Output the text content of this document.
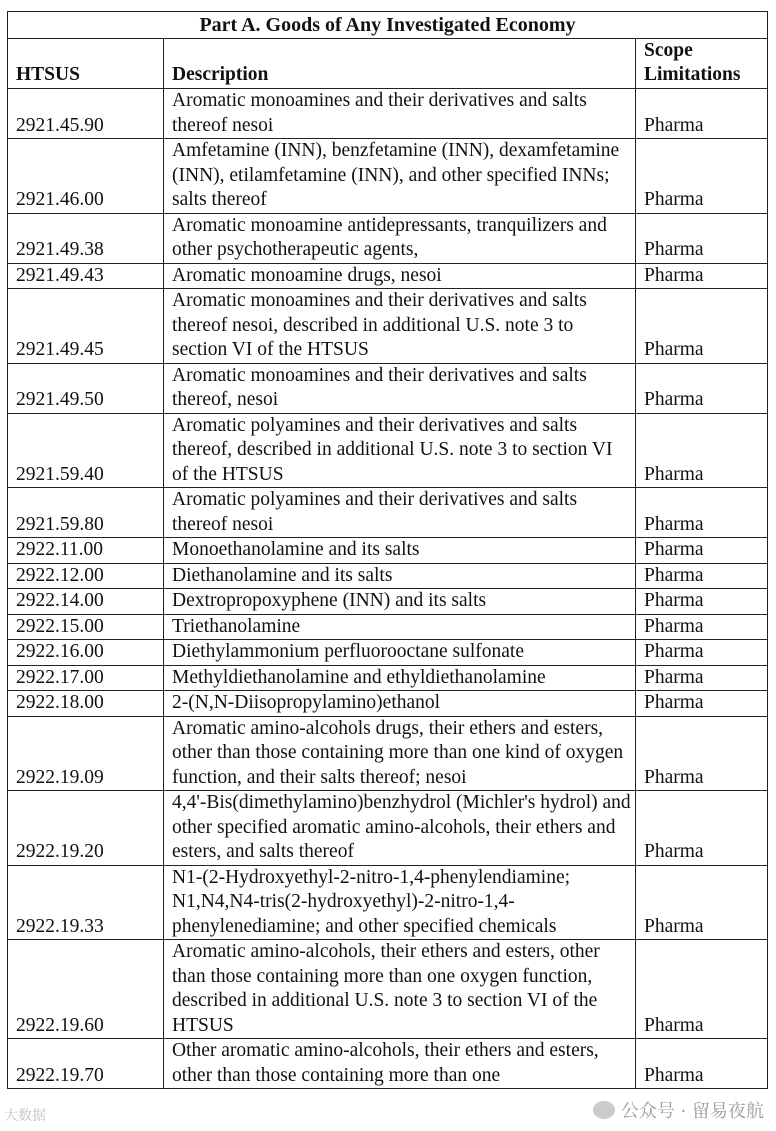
Part A. Goods of Any Investigated Economy		
HTSUS	Description	Scope Limitations
2921.45.90	Aromatic monoamines and their derivatives and salts thereof nesoi	Pharma
2921.46.00	Amfetamine (INN), benzfetamine (INN), dexamfetamine (INN), etilamfetamine (INN), and other specified INNs; salts thereof	Pharma
2921.49.38	Aromatic monoamine antidepressants, tranquilizers and other psychotherapeutic agents,	Pharma
2921.49.43	Aromatic monoamine drugs, nesoi	Pharma
2921.49.45	Aromatic monoamines and their derivatives and salts thereof nesoi, described in additional U.S. note 3 to section VI of the HTSUS	Pharma
2921.49.50	Aromatic monoamines and their derivatives and salts thereof, nesoi	Pharma
2921.59.40	Aromatic polyamines and their derivatives and salts thereof, described in additional U.S. note 3 to section VI of the HTSUS	Pharma
2921.59.80	Aromatic polyamines and their derivatives and salts thereof nesoi	Pharma
2922.11.00	Monoethanolamine and its salts	Pharma
2922.12.00	Diethanolamine and its salts	Pharma
2922.14.00	Dextropropoxyphene (INN) and its salts	Pharma
2922.15.00	Triethanolamine	Pharma
2922.16.00	Diethylammonium perfluorooctane sulfonate	Pharma
2922.17.00	Methyldiethanolamine and ethyldiethanolamine	Pharma
2922.18.00	2-(N,N-Diisopropylamino)ethanol	Pharma
2922.19.09	Aromatic amino-alcohols drugs, their ethers and esters, other than those containing more than one kind of oxygen function, and their salts thereof; nesoi	Pharma
2922.19.20	4,4'-Bis(dimethylamino)benzhydrol (Michler's hydrol) and other specified aromatic amino-alcohols, their ethers and esters, and salts thereof	Pharma
2922.19.33	N1-(2-Hydroxyethyl-2-nitro-1,4-phenylendiamine; N1,N4,N4-tris(2-hydroxyethyl)-2-nitro-1,4-phenylenediamine; and other specified chemicals	Pharma
2922.19.60	Aromatic amino-alcohols, their ethers and esters, other than those containing more than one oxygen function, described in additional U.S. note 3 to section VI of the HTSUS	Pharma
2922.19.70	Other aromatic amino-alcohols, their ethers and esters, other than those containing more than one	Pharma
大数据	公众号 · 留易夜航
